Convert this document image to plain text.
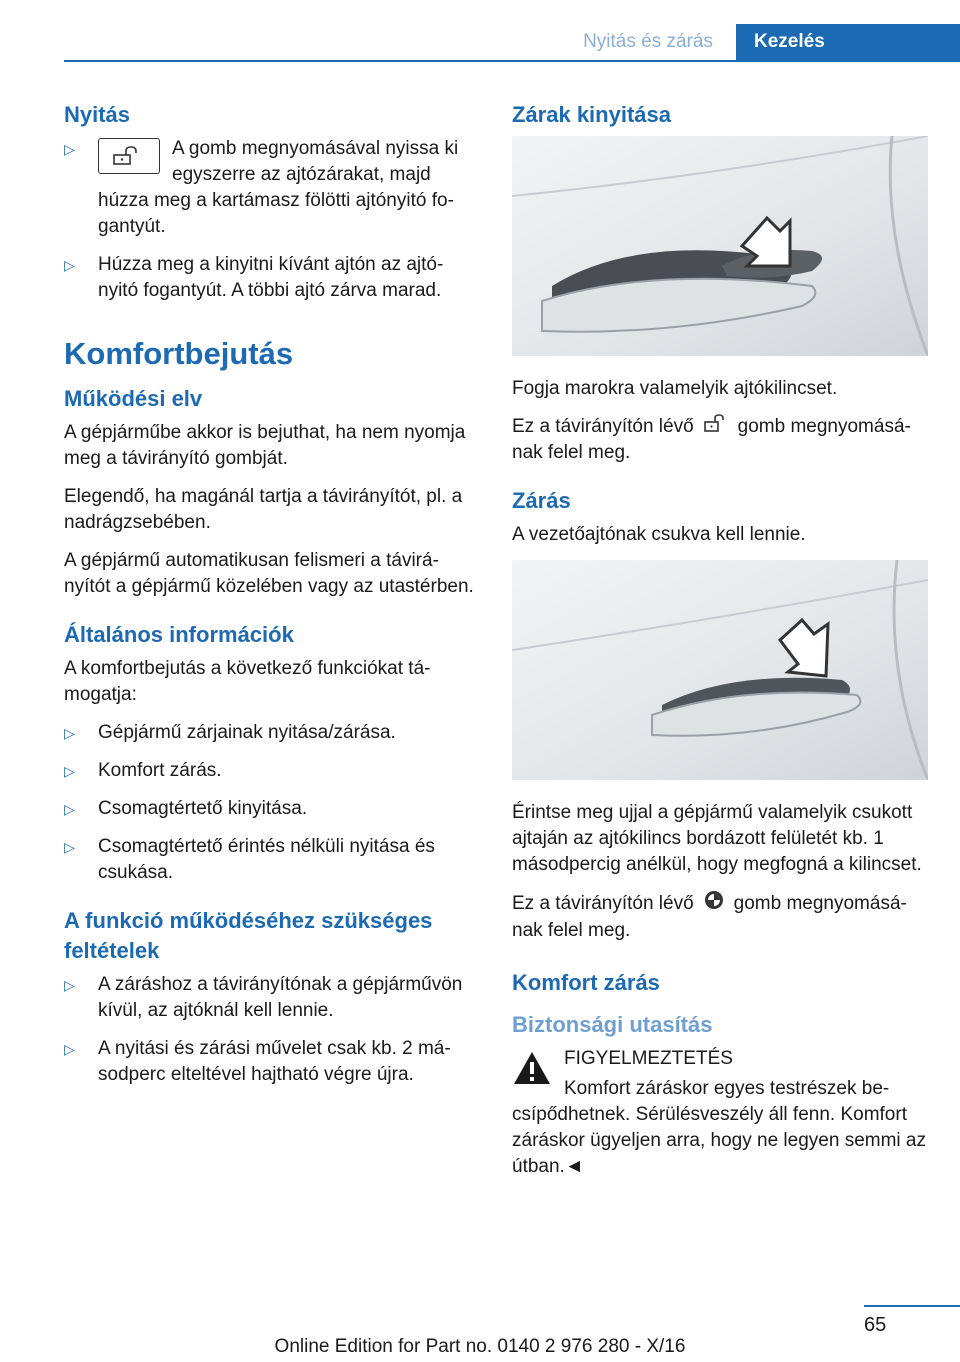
Nyitás és zárás	Kezelés
Nyitás
▷	A gomb megnyomásával nyissa ki egyszerre az ajtózárakat, majd húzza meg a kartámasz fölötti ajtónyitó fogantyút.
▷ Húzza meg a kinyitni kívánt ajtón az ajtónyitó fogantyút. A többi ajtó zárva marad.
Komfortbejutás
Működési elv

A gépjárműbe akkor is bejuthat, ha nem nyomja meg a távirányító gombját.

Elegendő, ha magánál tartja a távirányítót, pl. a nadrágzsebében.

A gépjármű automatikusan felismeri a távirányítót a gépjármű közelében vagy az utastérben.

Általános információk

A komfortbejutás a következő funkciókat támogatja:

▷ Gépjármű zárjainak nyitása/zárása.
▷ Komfort zárás.
▷ Csomagtértető kinyitása.
▷ Csomagtértető érintés nélküli nyitása és csukása.
A funkció működéséhez szükséges feltételek
▷ A záráshoz a távirányítónak a gépjárművön kívül, az ajtóknál kell lennie.
▷ A nyitási és zárási művelet csak kb. 2 másodperc elteltével hajtható végre újra.
Zárak kinyitása

Fogja marokra valamelyik ajtókilincset.

Ez a távirányítón lévő gomb megnyomásának felel meg.

Zárás

A vezetőajtónak csukva kell lennie.

Érintse meg ujjal a gépjármű valamelyik csukott ajtaján az ajtókilincs bordázott felületét kb. 1 másodpercig anélkül, hogy megfogná a kilincset.

Ez a távirányítón lévő gomb megnyomásának felel meg.

Komfort zárás
Biztonsági utasítás

FIGYELMEZTETÉS

Komfort záráskor egyes testrészek becsípődhetnek. Sérülésveszély áll fenn. Komfort záráskor ügyeljen arra, hogy ne legyen semmi az útban.◄

65
Online Edition for Part no. 0140 2 976 280 - X/16
